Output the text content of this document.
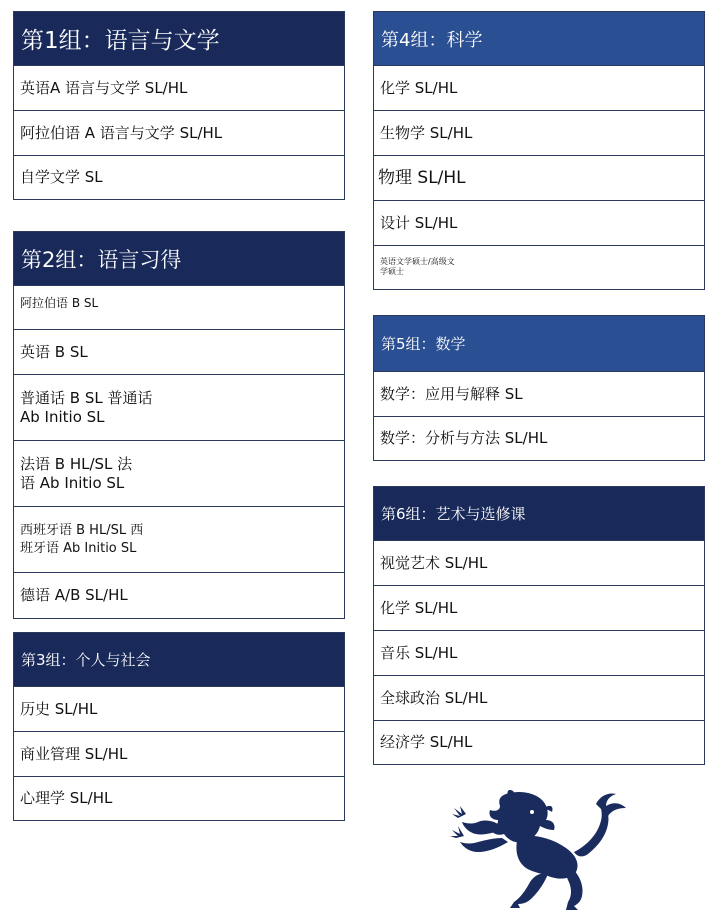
第1组：语言与文学
英语A 语言与文学 SL/HL
阿拉伯语 A 语言与文学 SL/HL
自学文学 SL
第2组：语言习得
阿拉伯语 B SL
英语 B SL
普通话 B SL 普通话
Ab Initio SL
法语 B HL/SL 法
语 Ab Initio SL
西班牙语 B HL/SL 西
班牙语 Ab Initio SL
德语 A/B SL/HL
第3组：个人与社会
历史 SL/HL
商业管理 SL/HL
心理学 SL/HL
第4组：科学
化学 SL/HL
生物学 SL/HL
物理 SL/HL
设计 SL/HL
英语文学硕士/高级文
学硕士
第5组：数学
数学：应用与解释 SL
数学：分析与方法 SL/HL
第6组：艺术与选修课
视觉艺术 SL/HL
化学 SL/HL
音乐 SL/HL
全球政治 SL/HL
经济学 SL/HL
